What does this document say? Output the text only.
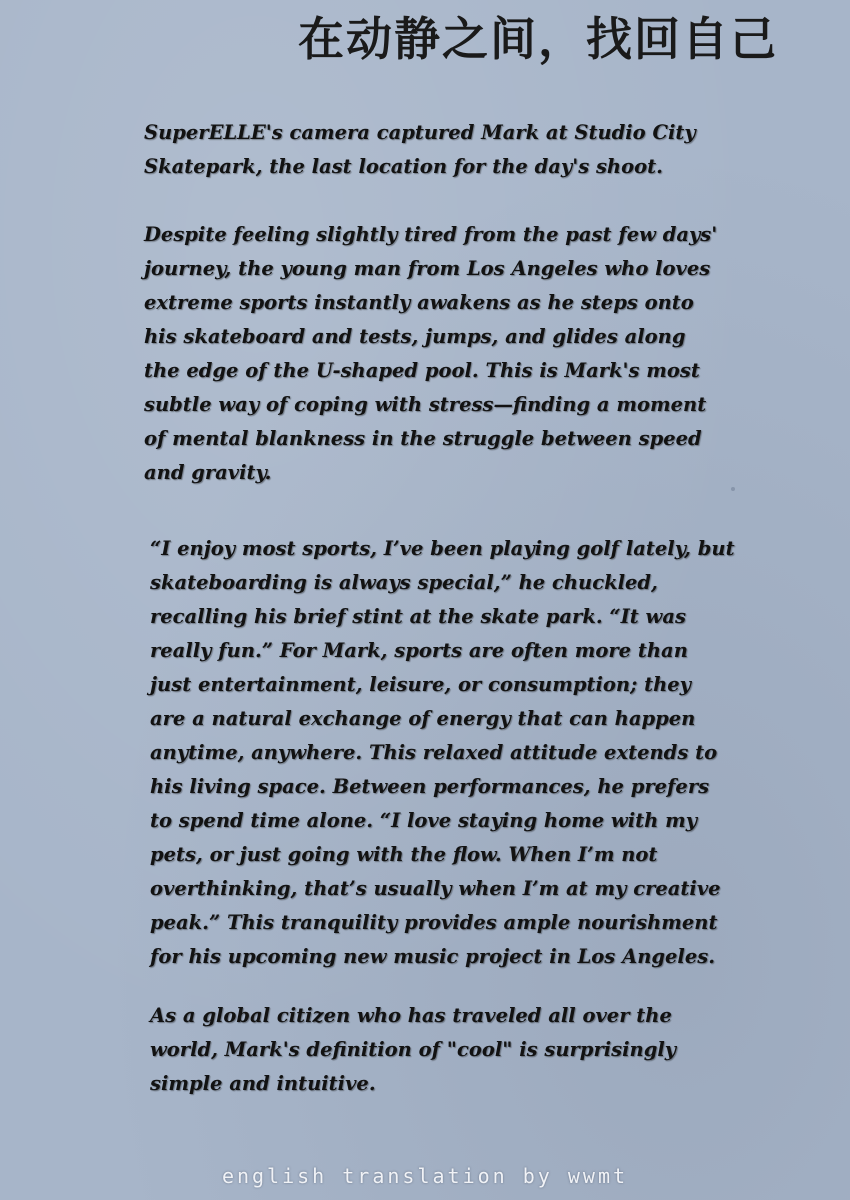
在动静之间，找回自己

SuperELLE's camera captured Mark at Studio City
Skatepark, the last location for the day's shoot.

Despite feeling slightly tired from the past few days'
journey, the young man from Los Angeles who loves
extreme sports instantly awakens as he steps onto
his skateboard and tests, jumps, and glides along
the edge of the U-shaped pool. This is Mark's most
subtle way of coping with stress—finding a moment
of mental blankness in the struggle between speed
and gravity.

“I enjoy most sports, I’ve been playing golf lately, but
skateboarding is always special,” he chuckled,
recalling his brief stint at the skate park. “It was
really fun.” For Mark, sports are often more than
just entertainment, leisure, or consumption; they
are a natural exchange of energy that can happen
anytime, anywhere. This relaxed attitude extends to
his living space. Between performances, he prefers
to spend time alone. “I love staying home with my
pets, or just going with the flow. When I’m not
overthinking, that’s usually when I’m at my creative
peak.” This tranquility provides ample nourishment
for his upcoming new music project in Los Angeles.

As a global citizen who has traveled all over the
world, Mark's definition of "cool" is surprisingly
simple and intuitive.

english translation by wwmt
